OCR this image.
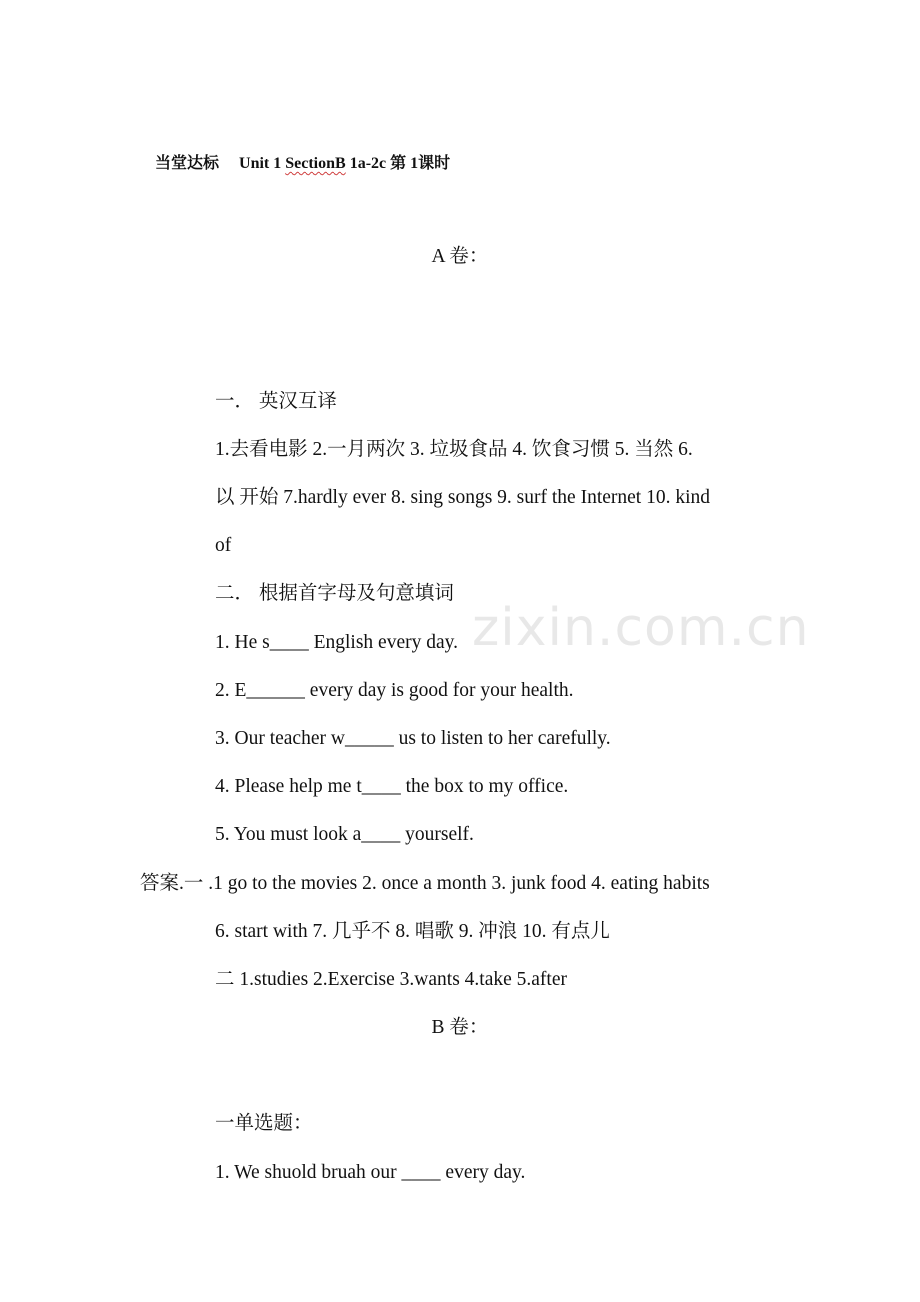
当堂达标 Unit 1 SectionB 1a-2c 第 1课时
A 卷：
一． 英汉互译
1.去看电影 2.一月两次 3. 垃圾食品 4. 饮食习惯 5. 当然 6.
以 开始 7.hardly ever 8. sing songs 9. surf the Internet 10. kind
of
二． 根据首字母及句意填词
1. He s____ English every day.
2. E______ every day is good for your health.
3. Our teacher w_____ us to listen to her carefully.
4. Please help me t____ the box to my office.
5. You must look a____ yourself.
答案.一 .1 go to the movies 2. once a month 3. junk food 4. eating habits
6. start with 7. 几乎不 8. 唱歌 9. 冲浪 10. 有点儿
二 1.studies 2.Exercise 3.wants 4.take 5.after
B 卷：
一单选题：
1. We shuold bruah our ____ every day.
zixin.com.cn
